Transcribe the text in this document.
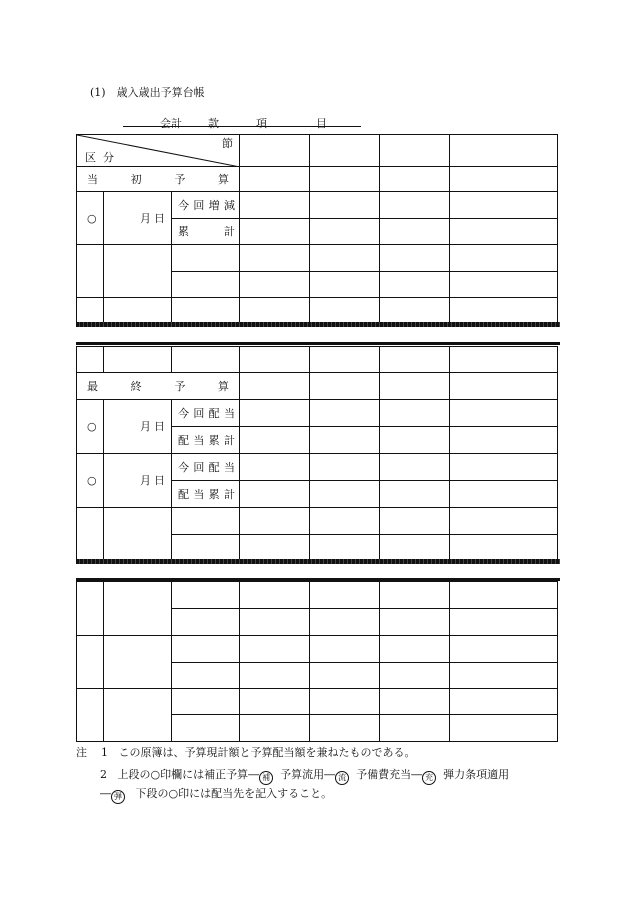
(1)　歳入歳出予算台帳
会計 款	項	目
節
区 分						

当 初 予 算						

○	月 日	今 回 増 減				

		累 計				

最 終 予 算						

○	月 日	今 回 配 当				

		配 当 累 計				

○	月 日	今 回 配 当				

		配 当 累 計				

注 1 この原簿は、予算現計額と予算配当額を兼ねたものである。
2 上段の○印欄には補正予算― 補 予算流用― 流 予備費充当― 充 弾力条項適用
― 弾 下段の○印には配当先を記入すること。
